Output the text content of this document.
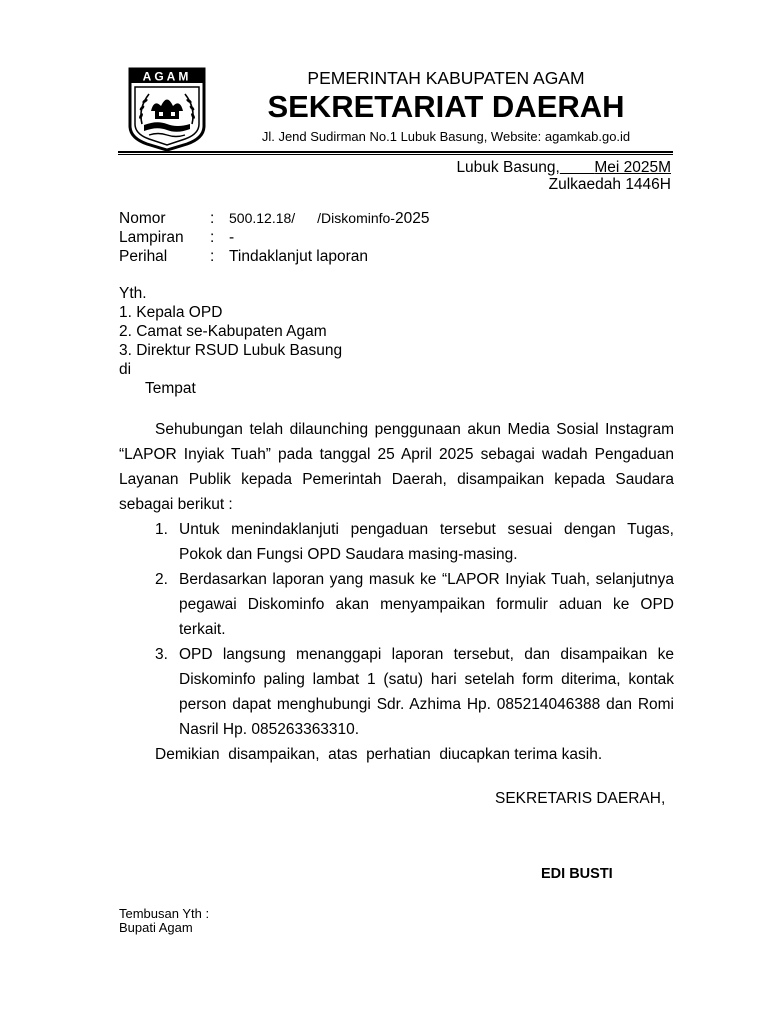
AGAM	PEMERINTAH KABUPATEN AGAM
SEKRETARIAT DAERAH
Jl. Jend Sudirman No.1 Lubuk Basung, Website: agamkab.go.id
Lubuk Basung, Mei 2025M
Zulkaedah 1446H
Nomor	: 500.12.18/ /Diskominfo-2025
Lampiran : -
Perihal	: Tindaklanjut laporan
Yth.
1. Kepala OPD
2. Camat se-Kabupaten Agam
3. Direktur RSUD Lubuk Basung
di
Tempat
Sehubungan telah dilaunching penggunaan akun Media Sosial Instagram
“LAPOR Inyiak Tuah” pada tanggal 25 April 2025 sebagai wadah Pengaduan
Layanan Publik kepada Pemerintah Daerah, disampaikan kepada Saudara
sebagai berikut :
1. Untuk menindaklanjuti pengaduan tersebut sesuai dengan Tugas,
Pokok dan Fungsi OPD Saudara masing-masing.
2. Berdasarkan laporan yang masuk ke “LAPOR Inyiak Tuah, selanjutnya
pegawai Diskominfo akan menyampaikan formulir aduan ke OPD
terkait.
3. OPD langsung menanggapi laporan tersebut, dan disampaikan ke
Diskominfo paling lambat 1 (satu) hari setelah form diterima, kontak
person dapat menghubungi Sdr. Azhima Hp. 085214046388 dan Romi
Nasril Hp. 085263363310.
Demikian  disampaikan,  atas  perhatian  diucapkan terima kasih.
SEKRETARIS DAERAH,
EDI BUSTI
Tembusan Yth :
Bupati Agam
